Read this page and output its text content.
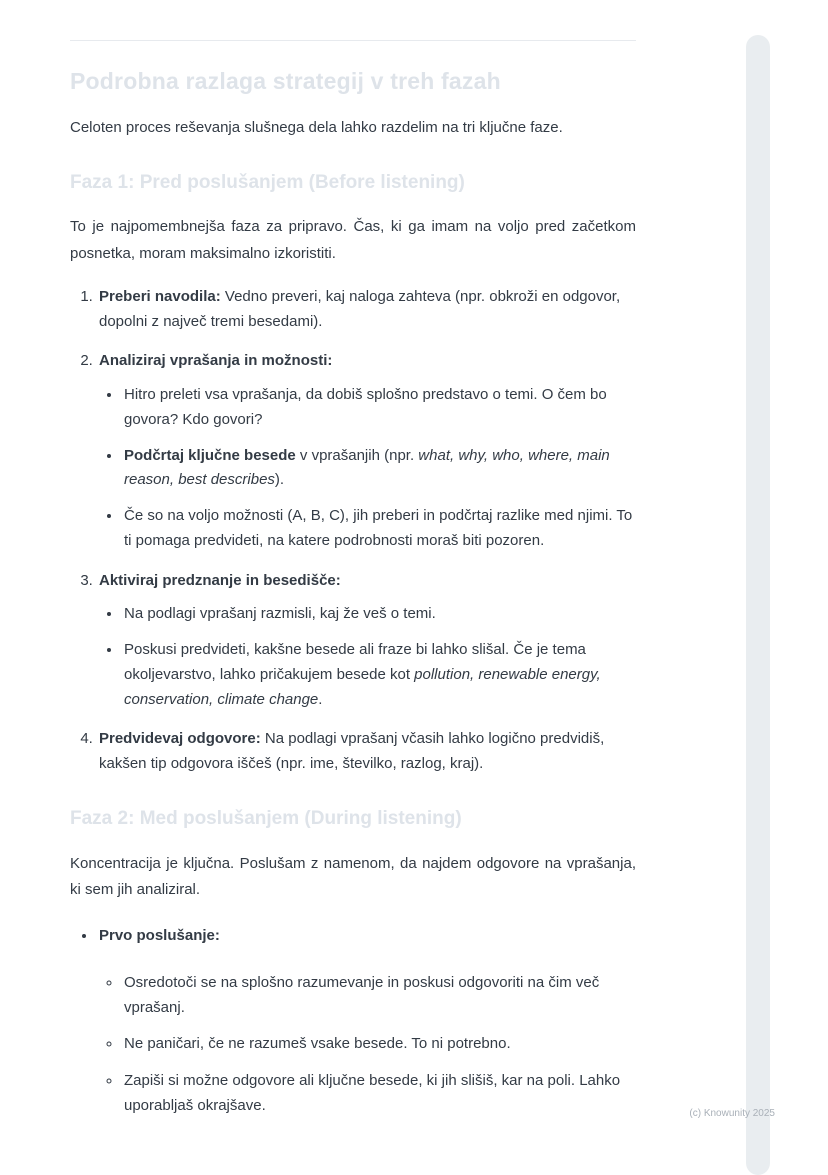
Podrobna razlaga strategij v treh fazah

Celoten proces reševanja slušnega dela lahko razdelim na tri ključne faze.

Faza 1: Pred poslušanjem (Before listening)

To je najpomembnejša faza za pripravo. Čas, ki ga imam na voljo pred začetkom posnetka, moram maksimalno izkoristiti.

1. Preberi navodila: Vedno preveri, kaj naloga zahteva (npr. obkroži en odgovor, dopolni z največ tremi besedami).
2. Analiziraj vprašanja in možnosti:
• Hitro preleti vsa vprašanja, da dobiš splošno predstavo o temi. O čem bo govora? Kdo govori?
• Podčrtaj ključne besede v vprašanjih (npr. what, why, who, where, main reason, best describes).
• Če so na voljo možnosti (A, B, C), jih preberi in podčrtaj razlike med njimi. To ti pomaga predvideti, na katere podrobnosti moraš biti pozoren.
3. Aktiviraj predznanje in besedišče:
• Na podlagi vprašanj razmisli, kaj že veš o temi.
• Poskusi predvideti, kakšne besede ali fraze bi lahko slišal. Če je tema okoljevarstvo, lahko pričakujem besede kot pollution, renewable energy, conservation, climate change.
4. Predvidevaj odgovore: Na podlagi vprašanj včasih lahko logično predvidiš, kakšen tip odgovora iščeš (npr. ime, številko, razlog, kraj).
Faza 2: Med poslušanjem (During listening)

Koncentracija je ključna. Poslušam z namenom, da najdem odgovore na vprašanja, ki sem jih analiziral.

• Prvo poslušanje:
◦ Osredotoči se na splošno razumevanje in poskusi odgovoriti na čim več vprašanj.
◦ Ne paničari, če ne razumeš vsake besede. To ni potrebno.
◦ Zapiši si možne odgovore ali ključne besede, ki jih slišiš, kar na poli. Lahko uporabljaš okrajšave.	(c) Knowunity 2025
